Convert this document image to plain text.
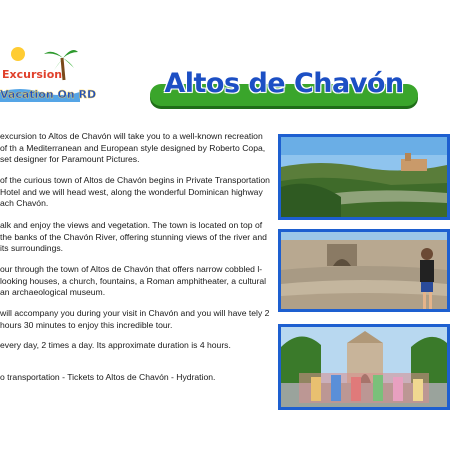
Excursion
Vacation On RD	Altos de Chavón

excursion to Altos de Chavón will take you to a well-known recreation of th a Mediterranean and European style designed by Roberto Copa, set designer for Paramount Pictures.

of the curious town of Altos de Chavón begins in Private Transportation Hotel and we will head west, along the wonderful Dominican highway ach Chavón.

alk and enjoy the views and vegetation. The town is located on top of the banks of the Chavón River, offering stunning views of the river and its surroundings.

our through the town of Altos de Chavón that offers narrow cobbled l-looking houses, a church, fountains, a Roman amphitheater, a cultural an archaeological museum.

will accompany you during your visit in Chavón and you will have tely 2 hours 30 minutes to enjoy this incredible tour.

every day, 2 times a day. Its approximate duration is 4 hours.

o transportation - Tickets to Altos de Chavón - Hydration.
